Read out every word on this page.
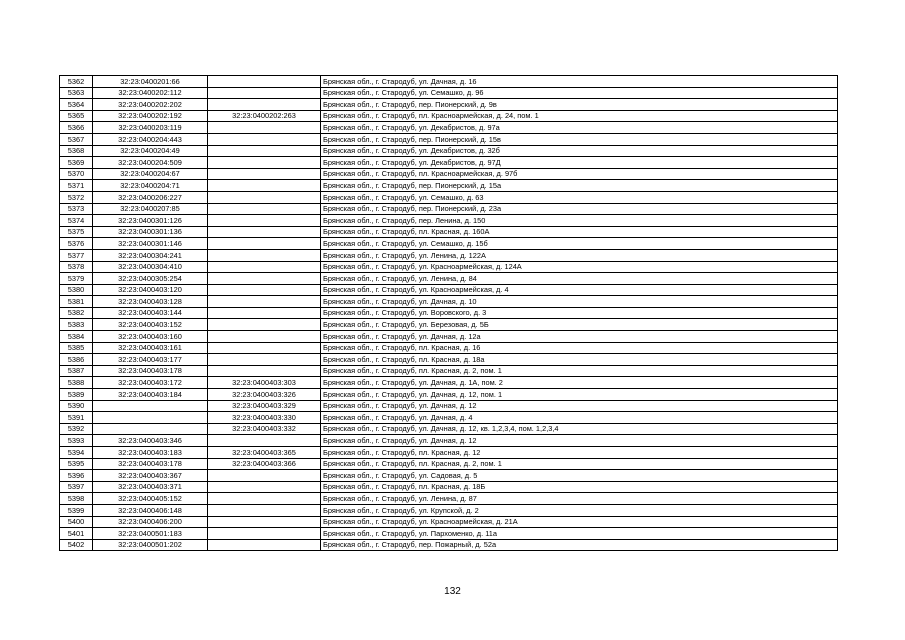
5362	32:23:0400201:66		Брянская обл., г. Стародуб, ул. Дачная, д. 16
5363	32:23:0400202:112		Брянская обл., г. Стародуб, ул. Семашко, д. 96
5364	32:23:0400202:202		Брянская обл., г. Стародуб, пер. Пионерский, д. 9в
5365	32:23:0400202:192	32:23:0400202:263	Брянская обл., г. Стародуб, пл. Красноармейская, д. 24, пом. 1
5366	32:23:0400203:119		Брянская обл., г. Стародуб, ул. Декабристов, д. 97а
5367	32:23:0400204:443		Брянская обл., г. Стародуб, пер. Пионерский, д. 15в
5368	32:23:0400204:49		Брянская обл., г. Стародуб, ул. Декабристов, д. 32б
5369	32:23:0400204:509		Брянская обл., г. Стародуб, ул. Декабристов, д. 97Д
5370	32:23:0400204:67		Брянская обл., г. Стародуб, пл. Красноармейская, д. 97б
5371	32:23:0400204:71		Брянская обл., г. Стародуб, пер. Пионерский, д. 15а
5372	32:23:0400206:227		Брянская обл., г. Стародуб, ул. Семашко, д. 63
5373	32:23:0400207:85		Брянская обл., г. Стародуб, пер. Пионерский, д. 23а
5374	32:23:0400301:126		Брянская обл., г. Стародуб, пер. Ленина, д. 150
5375	32:23:0400301:136		Брянская обл., г. Стародуб, пл. Красная, д. 160А
5376	32:23:0400301:146		Брянская обл., г. Стародуб, ул. Семашко, д. 15б
5377	32:23:0400304:241		Брянская обл., г. Стародуб, ул. Ленина, д. 122А
5378	32:23:0400304:410		Брянская обл., г. Стародуб, ул. Красноармейская, д. 124А
5379	32:23:0400305:254		Брянская обл., г. Стародуб, ул. Ленина, д. 84
5380	32:23:0400403:120		Брянская обл., г. Стародуб, ул. Красноармейская, д. 4
5381	32:23:0400403:128		Брянская обл., г. Стародуб, ул. Дачная, д. 10
5382	32:23:0400403:144		Брянская обл., г. Стародуб, ул. Воровского, д. 3
5383	32:23:0400403:152		Брянская обл., г. Стародуб, ул. Березовая, д. 5Б
5384	32:23:0400403:160		Брянская обл., г. Стародуб, ул. Дачная, д. 12а
5385	32:23:0400403:161		Брянская обл., г. Стародуб, пл. Красная, д. 16
5386	32:23:0400403:177		Брянская обл., г. Стародуб, пл. Красная, д. 18а
5387	32:23:0400403:178		Брянская обл., г. Стародуб, пл. Красная, д. 2, пом. 1
5388	32:23:0400403:172	32:23:0400403:303	Брянская обл., г. Стародуб, ул. Дачная, д. 1А, пом. 2
5389	32:23:0400403:184	32:23:0400403:326	Брянская обл., г. Стародуб, ул. Дачная, д. 12, пом. 1
5390		32:23:0400403:329	Брянская обл., г. Стародуб, ул. Дачная, д. 12
5391		32:23:0400403:330	Брянская обл., г. Стародуб, ул. Дачная, д. 4
5392		32:23:0400403:332	Брянская обл., г. Стародуб, ул. Дачная, д. 12, кв. 1,2,3,4, пом. 1,2,3,4
5393	32:23:0400403:346		Брянская обл., г. Стародуб, ул. Дачная, д. 12
5394	32:23:0400403:183	32:23:0400403:365	Брянская обл., г. Стародуб, пл. Красная, д. 12
5395	32:23:0400403:178	32:23:0400403:366	Брянская обл., г. Стародуб, пл. Красная, д. 2, пом. 1
5396	32:23:0400403:367		Брянская обл., г. Стародуб, ул. Садовая, д. 5
5397	32:23:0400403:371		Брянская обл., г. Стародуб, пл. Красная, д. 18Б
5398	32:23:0400405:152		Брянская обл., г. Стародуб, ул. Ленина, д. 87
5399	32:23:0400406:148		Брянская обл., г. Стародуб, ул. Крупской, д. 2
5400	32:23:0400406:200		Брянская обл., г. Стародуб, ул. Красноармейская, д. 21А
5401	32:23:0400501:183		Брянская обл., г. Стародуб, ул. Пархоменко, д. 11а
5402	32:23:0400501:202		Брянская обл., г. Стародуб, пер. Пожарный, д. 52а
132
